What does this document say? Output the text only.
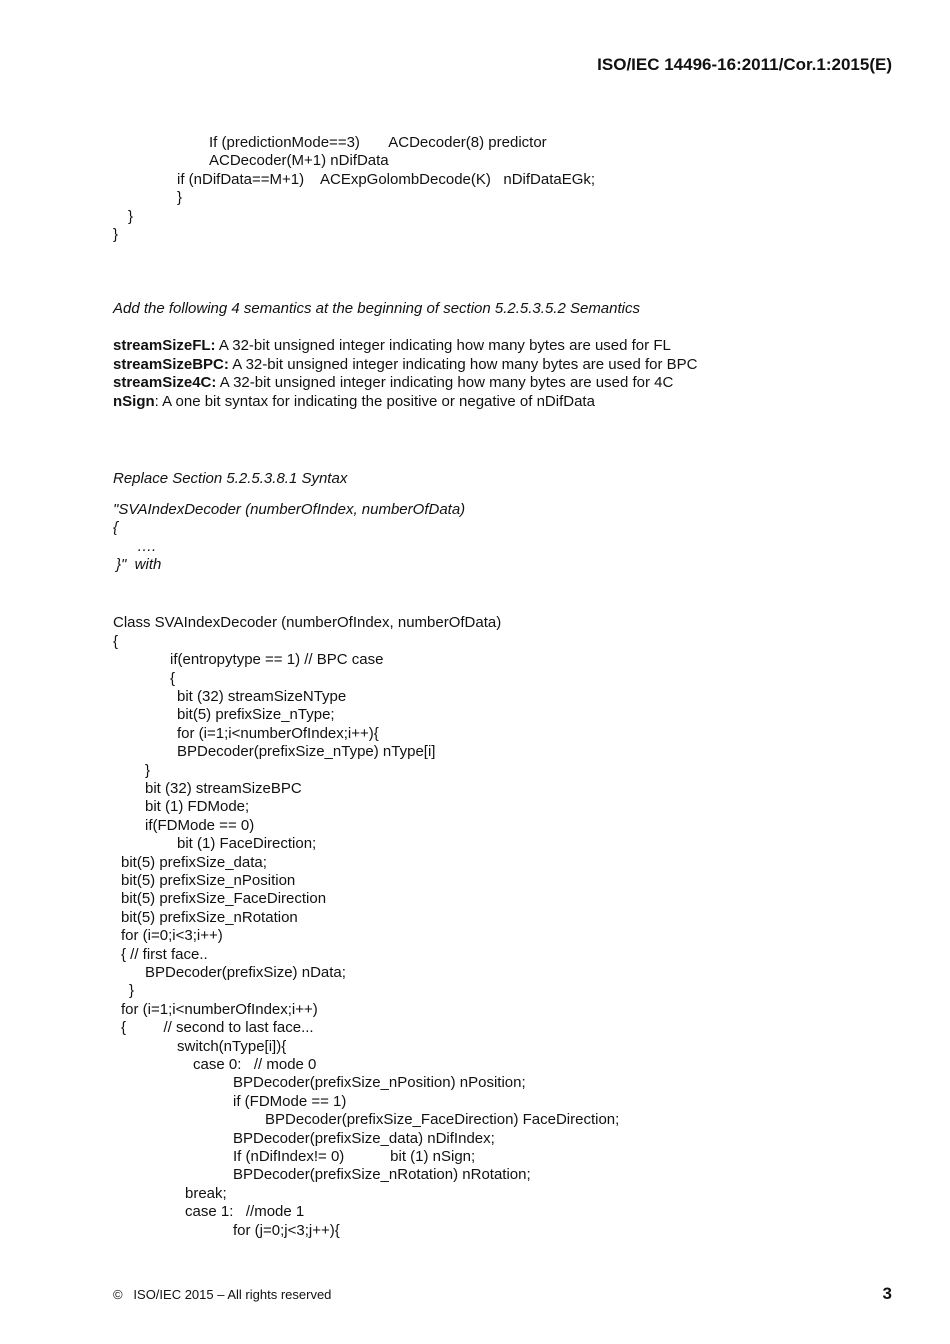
ISO/IEC 14496-16:2011/Cor.1:2015(E)
If (predictionMode==3)       ACDecoder(8) predictor
ACDecoder(M+1) nDifData
if (nDifData==M+1)    ACExpGolombDecode(K)   nDifDataEGk;
}
}
}
Add the following 4 semantics at the beginning of section 5.2.5.3.5.2 Semantics
streamSizeFL: A 32-bit unsigned integer indicating how many bytes are used for FL
streamSizeBPC: A 32-bit unsigned integer indicating how many bytes are used for BPC
streamSize4C: A 32-bit unsigned integer indicating how many bytes are used for 4C
nSign: A one bit syntax for indicating the positive or negative of nDifData
Replace Section 5.2.5.3.8.1 Syntax
"SVAIndexDecoder (numberOfIndex, numberOfData)
{
….
}"  with
Class SVAIndexDecoder (numberOfIndex, numberOfData)
{
if(entropytype == 1) // BPC case
{
bit (32) streamSizeNType
bit(5) prefixSize_nType;
for (i=1;i<numberOfIndex;i++){
BPDecoder(prefixSize_nType) nType[i]
}
bit (32) streamSizeBPC
bit (1) FDMode;
if(FDMode == 0)
bit (1) FaceDirection;
bit(5) prefixSize_data;
bit(5) prefixSize_nPosition
bit(5) prefixSize_FaceDirection
bit(5) prefixSize_nRotation
for (i=0;i<3;i++)
{ // first face..
BPDecoder(prefixSize) nData;
}
for (i=1;i<numberOfIndex;i++)
{         // second to last face...
switch(nType[i]){
case 0:   // mode 0
BPDecoder(prefixSize_nPosition) nPosition;
if (FDMode == 1)
BPDecoder(prefixSize_FaceDirection) FaceDirection;
BPDecoder(prefixSize_data) nDifIndex;
If (nDifIndex!= 0)           bit (1) nSign;
BPDecoder(prefixSize_nRotation) nRotation;
break;
case 1:   //mode 1
for (j=0;j<3;j++){
©   ISO/IEC 2015 – All rights reserved	3
